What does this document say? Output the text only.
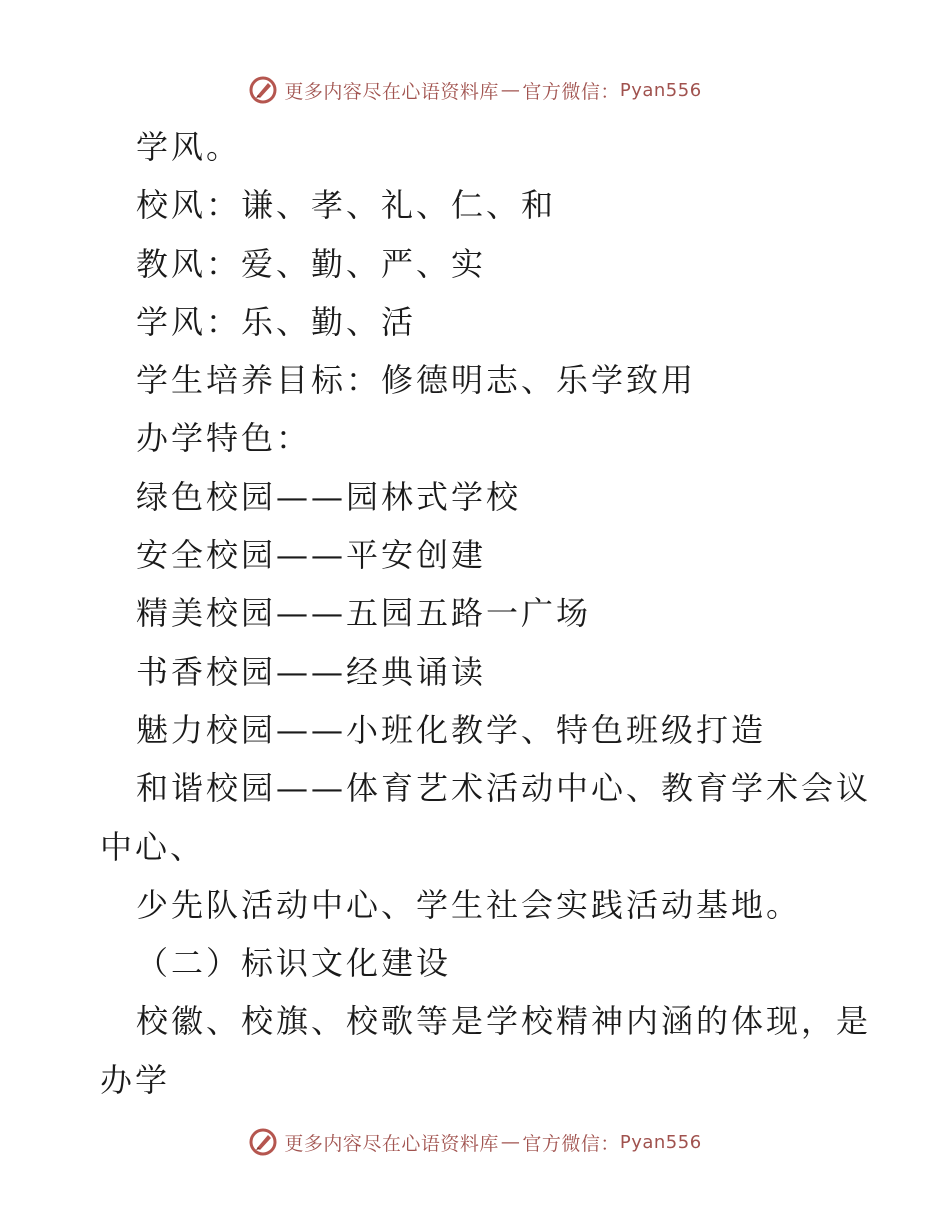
更多内容尽在心语资料库 — 官方微信： Pyan556
学风。
校风：谦、孝、礼、仁、和
教风：爱、勤、严、实
学风：乐、勤、活
学生培养目标：修德明志、乐学致用
办学特色：
绿色校园——园林式学校
安全校园——平安创建
精美校园——五园五路一广场
书香校园——经典诵读
魅力校园——小班化教学、特色班级打造
和谐校园——体育艺术活动中心、教育学术会议
中心、
少先队活动中心、学生社会实践活动基地。
（二）标识文化建设
校徽、校旗、校歌等是学校精神内涵的体现，是
办学
更多内容尽在心语资料库 — 官方微信： Pyan556
